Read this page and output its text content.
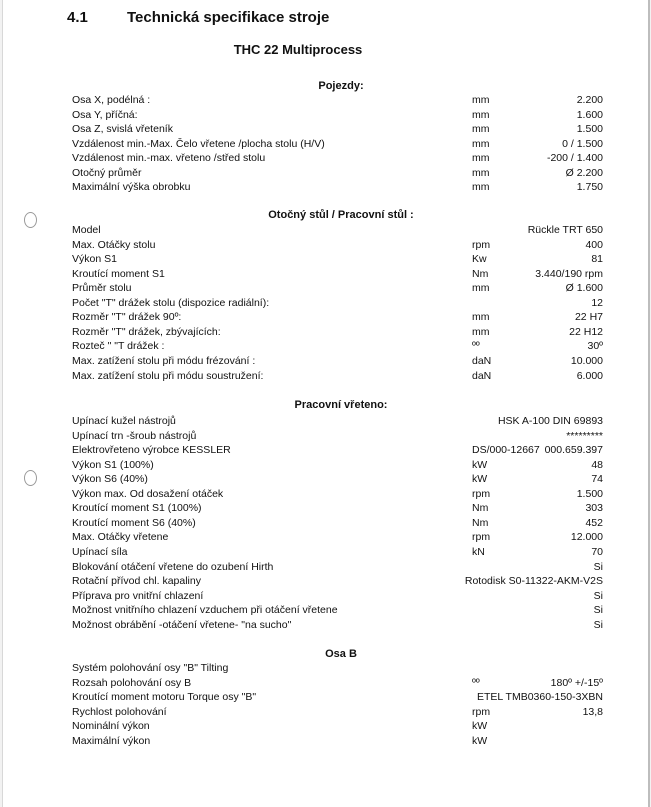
4.1	Technická specifikace stroje
THC 22 Multiprocess
Pojezdy:
Osa X, podélná :	mm	2.200
Osa Y, příčná:	mm	1.600
Osa Z, svislá vřeteník	mm	1.500
Vzdálenost min.-Max. Čelo vřetene /plocha stolu (H/V)	mm	0 / 1.500
Vzdálenost min.-max. vřeteno /střed stolu	mm	-200 / 1.400
Otočný průměr	mm	Ø 2.200
Maximální výška obrobku	mm	1.750
Otočný stůl / Pracovní stůl :
Model	Rückle TRT 650
Max. Otáčky stolu	rpm	400
Výkon S1	Kw	81
Kroutící moment S1	Nm	3.440/190 rpm
Průměr stolu	mm	Ø 1.600
Počet "T" drážek stolu (dispozice radiální):	12
Rozměr "T" drážek 90º:	mm	22 H7
Rozměr "T" drážek, zbývajících:	mm	22 H12
Rozteč " "T drážek :	ºº	30º
Max. zatížení stolu při módu frézování :	daN	10.000
Max. zatížení stolu při módu soustružení:	daN	6.000
Pracovní vřeteno:
Upínací kužel nástrojů	HSK A-100 DIN 69893
Upínací trn -šroub nástrojů	*********
Elektrovřeteno výrobce KESSLER	DS/000-12667 000.659.397
Výkon S1 (100%)	kW	48
Výkon S6 (40%)	kW	74
Výkon max. Od dosažení otáček	rpm	1.500
Kroutící moment S1 (100%)	Nm	303
Kroutící moment S6 (40%)	Nm	452
Max. Otáčky vřetene	rpm	12.000
Upínací síla	kN	70
Blokování otáčení vřetene do ozubení Hirth	Si
Rotační přívod chl. kapaliny	Rotodisk S0-11322-AKM-V2S
Příprava pro vnitřní chlazení	Si
Možnost vnitřního chlazení vzduchem při otáčení vřetene	Si
Možnost obrábění -otáčení vřetene- "na sucho"	Si
Osa B
Systém polohování osy "B" Tilting
Rozsah polohování osy B	ºº	180º +/-15º
Kroutící moment motoru Torque osy "B"	ETEL TMB0360-150-3XBN
Rychlost polohování	rpm	13,8
Nominální výkon	kW
Maximální výkon	kW
